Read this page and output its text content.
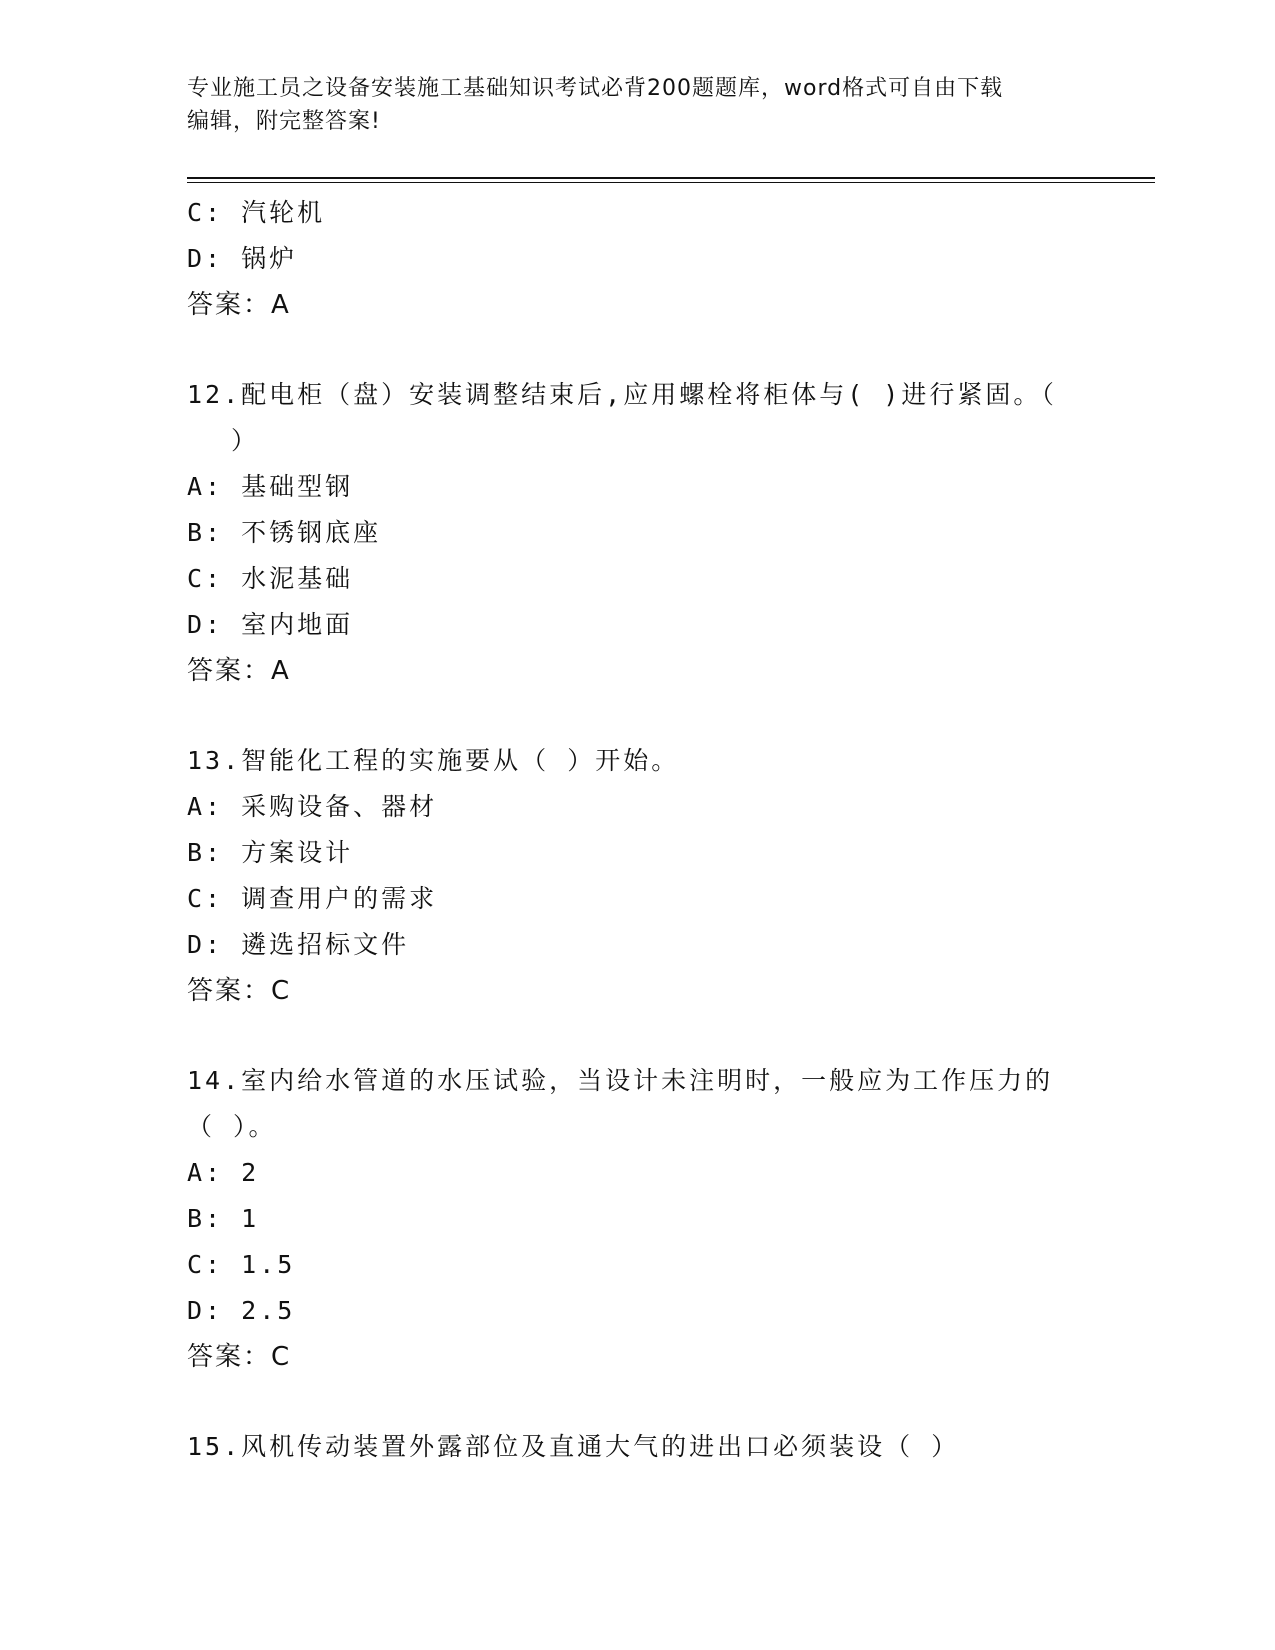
专业施工员之设备安装施工基础知识考试必背200题题库，word格式可自由下载
编辑，附完整答案!
C: 汽轮机
D: 锅炉
答案：A
12.配电柜（盘）安装调整结束后,应用螺栓将柜体与( )进行紧固。（
）
A: 基础型钢
B: 不锈钢底座
C: 水泥基础
D: 室内地面
答案：A
13.智能化工程的实施要从（ ）开始。
A: 采购设备、器材
B: 方案设计
C: 调查用户的需求
D: 遴选招标文件
答案：C
14.室内给水管道的水压试验，当设计未注明时，一般应为工作压力的
（ ）。
A: 2
B: 1
C: 1.5
D: 2.5
答案：C
15.风机传动装置外露部位及直通大气的进出口必须装设（ ）
